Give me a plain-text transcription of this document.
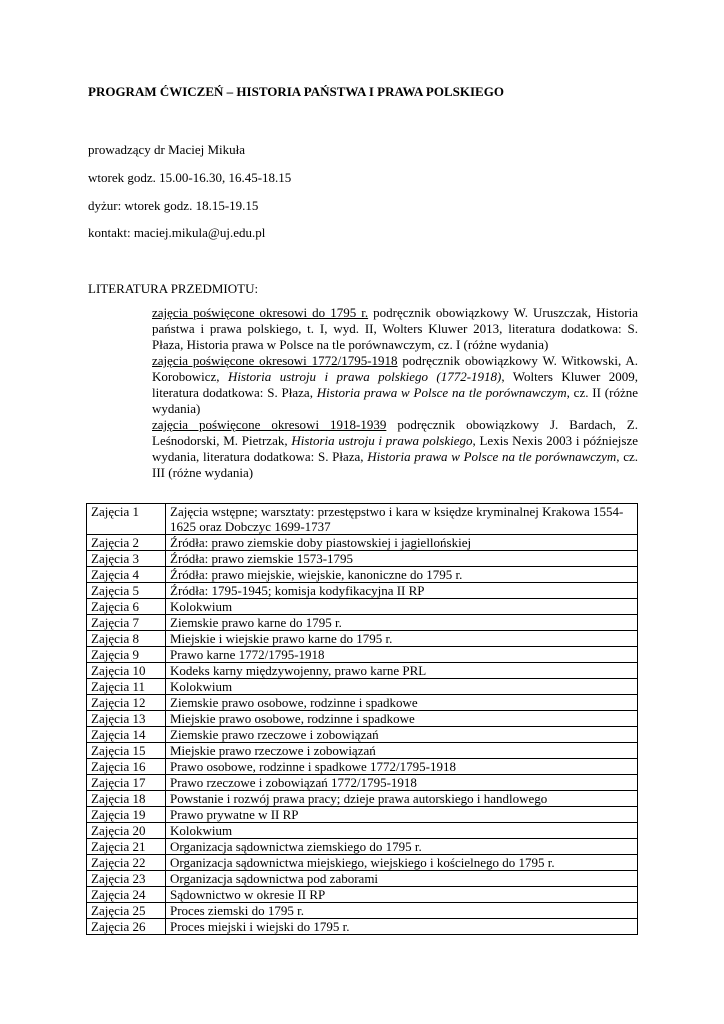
PROGRAM ĆWICZEŃ – HISTORIA PAŃSTWA I PRAWA POLSKIEGO

prowadzący dr Maciej Mikuła

wtorek godz. 15.00-16.30, 16.45-18.15

dyżur: wtorek godz. 18.15-19.15

kontakt: maciej.mikula@uj.edu.pl

LITERATURA PRZEDMIOTU:

zajęcia poświęcone okresowi do 1795 r. podręcznik obowiązkowy W. Uruszczak, Historia państwa i prawa polskiego, t. I, wyd. II, Wolters Kluwer 2013, literatura dodatkowa: S. Płaza, Historia prawa w Polsce na tle porównawczym, cz. I (różne wydania)

zajęcia poświęcone okresowi 1772/1795-1918 podręcznik obowiązkowy W. Witkowski, A. Korobowicz, Historia ustroju i prawa polskiego (1772-1918), Wolters Kluwer 2009, literatura dodatkowa: S. Płaza, Historia prawa w Polsce na tle porównawczym, cz. II (różne wydania)

zajęcia poświęcone okresowi 1918-1939 podręcznik obowiązkowy J. Bardach, Z. Leśnodorski, M. Pietrzak, Historia ustroju i prawa polskiego, Lexis Nexis 2003 i późniejsze wydania, literatura dodatkowa: S. Płaza, Historia prawa w Polsce na tle porównawczym, cz. III (różne wydania)

Zajęcia 1	Zajęcia wstępne; warsztaty: przestępstwo i kara w księdze kryminalnej Krakowa 1554-1625 oraz Dobczyc 1699-1737
Zajęcia 2	Źródła: prawo ziemskie doby piastowskiej i jagiellońskiej
Zajęcia 3	Źródła: prawo ziemskie 1573-1795
Zajęcia 4	Źródła: prawo miejskie, wiejskie, kanoniczne do 1795 r.
Zajęcia 5	Źródła: 1795-1945; komisja kodyfikacyjna II RP
Zajęcia 6	Kolokwium
Zajęcia 7	Ziemskie prawo karne do 1795 r.
Zajęcia 8	Miejskie i wiejskie prawo karne do 1795 r.
Zajęcia 9	Prawo karne 1772/1795-1918
Zajęcia 10	Kodeks karny międzywojenny, prawo karne PRL
Zajęcia 11	Kolokwium
Zajęcia 12	Ziemskie prawo osobowe, rodzinne i spadkowe
Zajęcia 13	Miejskie prawo osobowe, rodzinne i spadkowe
Zajęcia 14	Ziemskie prawo rzeczowe i zobowiązań
Zajęcia 15	Miejskie prawo rzeczowe i zobowiązań
Zajęcia 16	Prawo osobowe, rodzinne i spadkowe 1772/1795-1918
Zajęcia 17	Prawo rzeczowe i zobowiązań 1772/1795-1918
Zajęcia 18	Powstanie i rozwój prawa pracy; dzieje prawa autorskiego i handlowego
Zajęcia 19	Prawo prywatne w II RP
Zajęcia 20	Kolokwium
Zajęcia 21	Organizacja sądownictwa ziemskiego do 1795 r.
Zajęcia 22	Organizacja sądownictwa miejskiego, wiejskiego i kościelnego do 1795 r.
Zajęcia 23	Organizacja sądownictwa pod zaborami
Zajęcia 24	Sądownictwo w okresie II RP
Zajęcia 25	Proces ziemski do 1795 r.
Zajęcia 26	Proces miejski i wiejski do 1795 r.
